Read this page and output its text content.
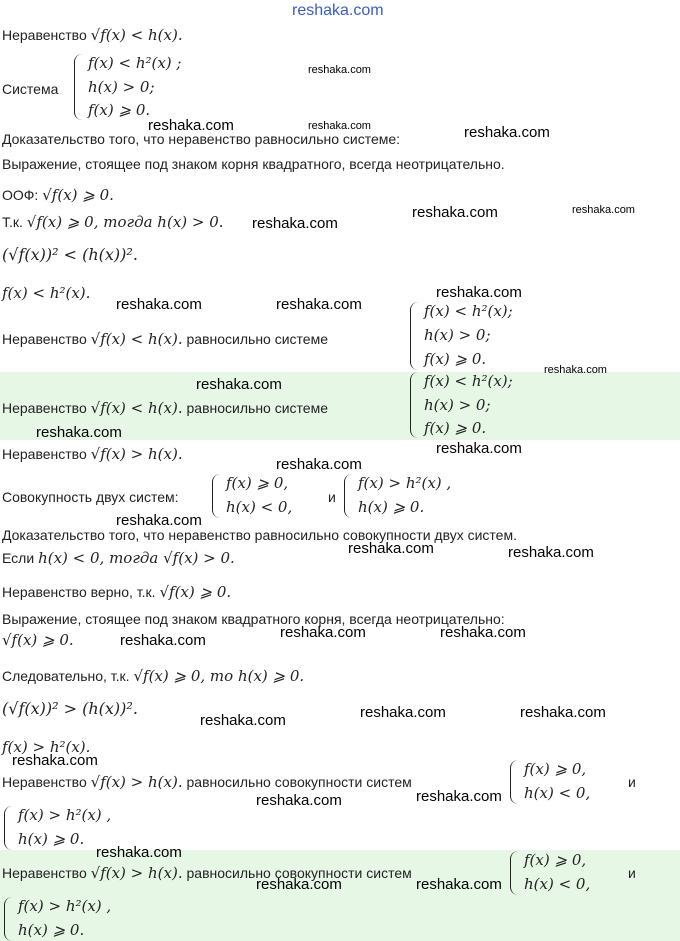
reshaka.com
Неравенство √f(x) < h(x).
Система
f(x) < h²(x) ;
h(x) > 0;
f(x) ⩾ 0.
Доказательство того, что неравенство равносильно системе:
Выражение, стоящее под знаком корня квадратного, всегда неотрицательно.
ООФ: √f(x) ⩾ 0.
Т.к. √f(x) ⩾ 0, тогда h(x) > 0.
(√f(x))² < (h(x))².
f(x) < h²(x).
Неравенство √f(x) < h(x). равносильно системе
f(x) < h²(x);
h(x) > 0;
f(x) ⩾ 0.
Неравенство √f(x) < h(x). равносильно системе
f(x) < h²(x);
h(x) > 0;
f(x) ⩾ 0.
Неравенство √f(x) > h(x).
Совокупность двух систем:
f(x) ⩾ 0,
h(x) < 0,
и
f(x) > h²(x) ,
h(x) ⩾ 0.
Доказательство того, что неравенство равносильно совокупности двух систем.
Если h(x) < 0, тогда √f(x) > 0.
Неравенство верно, т.к. √f(x) ⩾ 0.
Выражение, стоящее под знаком квадратного корня, всегда неотрицательно:
√f(x) ⩾ 0.
Следовательно, т.к. √f(x) ⩾ 0, то h(x) ⩾ 0.
(√f(x))² > (h(x))².
f(x) > h²(x).
Неравенство √f(x) > h(x). равносильно совокупности систем
f(x) ⩾ 0,
h(x) < 0,
и
f(x) > h²(x) ,
h(x) ⩾ 0.
Неравенство √f(x) > h(x). равносильно совокупности систем
f(x) ⩾ 0,
h(x) < 0,
и
f(x) > h²(x) ,
h(x) ⩾ 0.
reshaka.com
reshaka.com
reshaka.com	reshaka.com
reshaka.com	reshaka.com
reshaka.com
reshaka.com
reshaka.com	reshaka.com
reshaka.com
reshaka.com
reshaka.com
reshaka.com
reshaka.com
reshaka.com
reshaka.com	reshaka.com
reshaka.com	reshaka.com
reshaka.com
reshaka.com	reshaka.com
reshaka.com
reshaka.com
reshaka.com
reshaka.com
reshaka.com
reshaka.com	reshaka.com
